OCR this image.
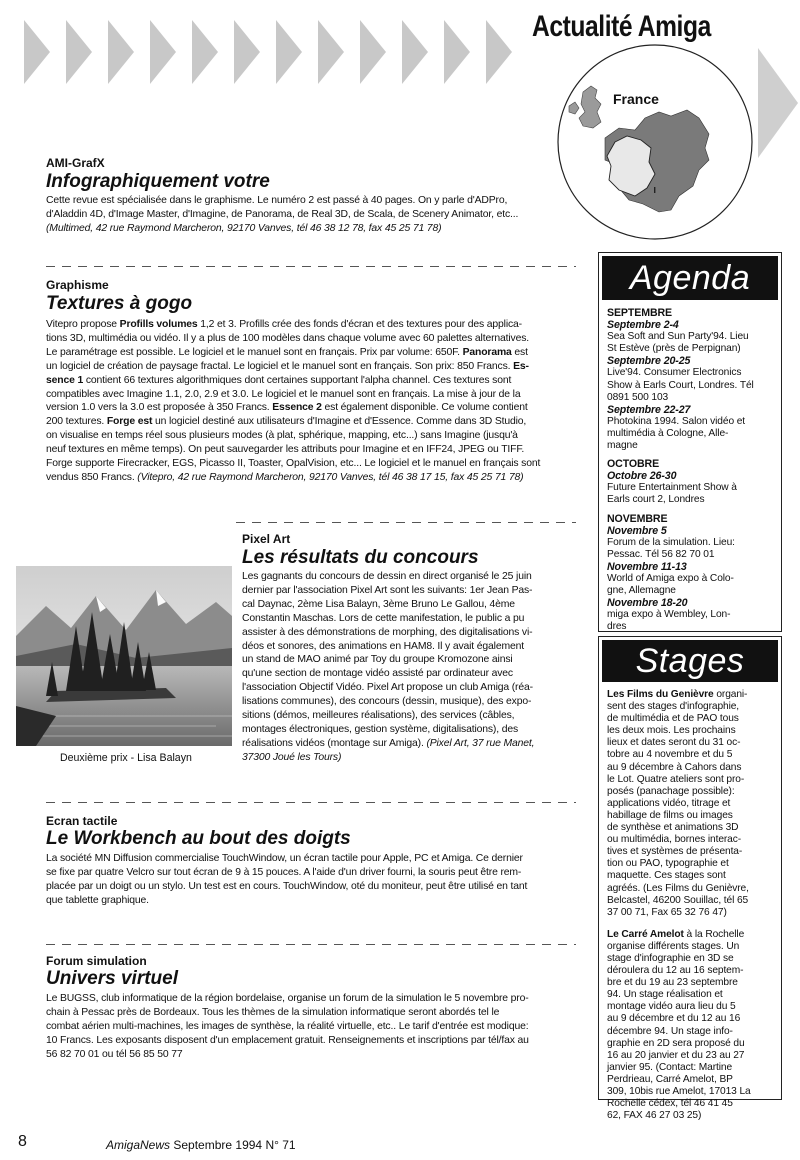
Actualité Amiga
France
AMI-GrafX
Infographiquement votre
Cette revue est spécialisée dans le graphisme. Le numéro 2 est passé à 40 pages. On y parle d'ADPro,
d'Aladdin 4D, d'Image Master, d'Imagine, de Panorama, de Real 3D, de Scala, de Scenery Animator, etc...
(Multimed, 42 rue Raymond Marcheron, 92170 Vanves, tél 46 38 12 78, fax 45 25 71 78)
Graphisme
Textures à gogo
Vitepro propose Profills volumes 1,2 et 3. Profills crée des fonds d'écran et des textures pour des applica-
tions 3D, multimédia ou vidéo. Il y a plus de 100 modèles dans chaque volume avec 60 palettes alternatives.
Le paramétrage est possible. Le logiciel et le manuel sont en français. Prix par volume: 650F. Panorama est
un logiciel de création de paysage fractal. Le logiciel et le manuel sont en français. Son prix: 850 Francs. Es-
sence 1 contient 66 textures algorithmiques dont certaines supportant l'alpha channel. Ces textures sont
compatibles avec Imagine 1.1, 2.0, 2.9 et 3.0. Le logiciel et le manuel sont en français. La mise à jour de la
version 1.0 vers la 3.0 est proposée à 350 Francs. Essence 2 est également disponible. Ce volume contient
200 textures. Forge est un logiciel destiné aux utilisateurs d'Imagine et d'Essence. Comme dans 3D Studio,
on visualise en temps réel sous plusieurs modes (à plat, sphérique, mapping, etc...) sans Imagine (jusqu'à
neuf textures en même temps). On peut sauvegarder les attributs pour Imagine et en IFF24, JPEG ou TIFF.
Forge supporte Firecracker, EGS, Picasso II, Toaster, OpalVision, etc... Le logiciel et le manuel en français sont
vendus 850 Francs. (Vitepro, 42 rue Raymond Marcheron, 92170 Vanves, tél 46 38 17 15, fax 45 25 71 78)
Pixel Art
Les résultats du concours
Les gagnants du concours de dessin en direct organisé le 25 juin
dernier par l'association Pixel Art sont les suivants: 1er Jean Pas-
cal Daynac, 2ème Lisa Balayn, 3ème Bruno Le Gallou, 4ème
Constantin Maschas. Lors de cette manifestation, le public a pu
assister à des démonstrations de morphing, des digitalisations vi-
déos et sonores, des animations en HAM8. Il y avait également
un stand de MAO animé par Toy du groupe Kromozone ainsi
qu'une section de montage vidéo assisté par ordinateur avec
l'association Objectif Vidéo. Pixel Art propose un club Amiga (réa-
lisations communes), des concours (dessin, musique), des expo-
sitions (démos, meilleures réalisations), des services (câbles,
montages électroniques, gestion système, digitalisations), des
réalisations vidéos (montage sur Amiga). (Pixel Art, 37 rue Manet,
37300 Joué les Tours)
Deuxième prix - Lisa Balayn
Ecran tactile
Le Workbench au bout des doigts
La société MN Diffusion commercialise TouchWindow, un écran tactile pour Apple, PC et Amiga. Ce dernier
se fixe par quatre Velcro sur tout écran de 9 à 15 pouces. A l'aide d'un driver fourni, la souris peut être rem-
placée par un doigt ou un stylo. Un test est en cours. TouchWindow, oté du moniteur, peut être utilisé en tant
que tablette graphique.
Forum simulation
Univers virtuel
Le BUGSS, club informatique de la région bordelaise, organise un forum de la simulation le 5 novembre pro-
chain à Pessac près de Bordeaux. Tous les thèmes de la simulation informatique seront abordés tel le
combat aérien multi-machines, les images de synthèse, la réalité virtuelle, etc.. Le tarif d'entrée est modique:
10 Francs. Les exposants disposent d'un emplacement gratuit. Renseignements et inscriptions par tél/fax au
56 82 70 01 ou tél 56 85 50 77
8	AmigaNews Septembre 1994 N° 71
Agenda
SEPTEMBRE
Septembre 2-4
Sea Soft and Sun Party'94. Lieu
St Estève (près de Perpignan)
Septembre 20-25
Live'94. Consumer Electronics
Show à Earls Court, Londres. Tél
0891 500 103
Septembre 22-27
Photokina 1994. Salon vidéo et
multimédia à Cologne, Alle-
magne
OCTOBRE
Octobre 26-30
Future Entertainment Show à
Earls court 2, Londres
NOVEMBRE
Novembre 5
Forum de la simulation. Lieu:
Pessac. Tél 56 82 70 01
Novembre 11-13
World of Amiga expo à Colo-
gne, Allemagne
Novembre 18-20
miga expo à Wembley, Lon-
dres
Stages
Les Films du Genièvre organi-
sent des stages d'infographie,
de multimédia et de PAO tous
les deux mois. Les prochains
lieux et dates seront du 31 oc-
tobre au 4 novembre et du 5
au 9 décembre à Cahors dans
le Lot. Quatre ateliers sont pro-
posés (panachage possible):
applications vidéo, titrage et
habillage de films ou images
de synthèse et animations 3D
ou multimédia, bornes interac-
tives et systèmes de présenta-
tion ou PAO, typographie et
maquette. Ces stages sont
agréés. (Les Films du Genièvre,
Belcastel, 46200 Souillac, tél 65
37 00 71, Fax 65 32 76 47)
Le Carré Amelot à la Rochelle
organise différents stages. Un
stage d'infographie en 3D se
déroulera du 12 au 16 septem-
bre et du 19 au 23 septembre
94. Un stage réalisation et
montage vidéo aura lieu du 5
au 9 décembre et du 12 au 16
décembre 94. Un stage info-
graphie en 2D sera proposé du
16 au 20 janvier et du 23 au 27
janvier 95. (Contact: Martine
Perdrieau, Carré Amelot, BP
309, 10bis rue Amelot, 17013 La
Rochelle cédex, tél 46 41 45
62, FAX 46 27 03 25)
